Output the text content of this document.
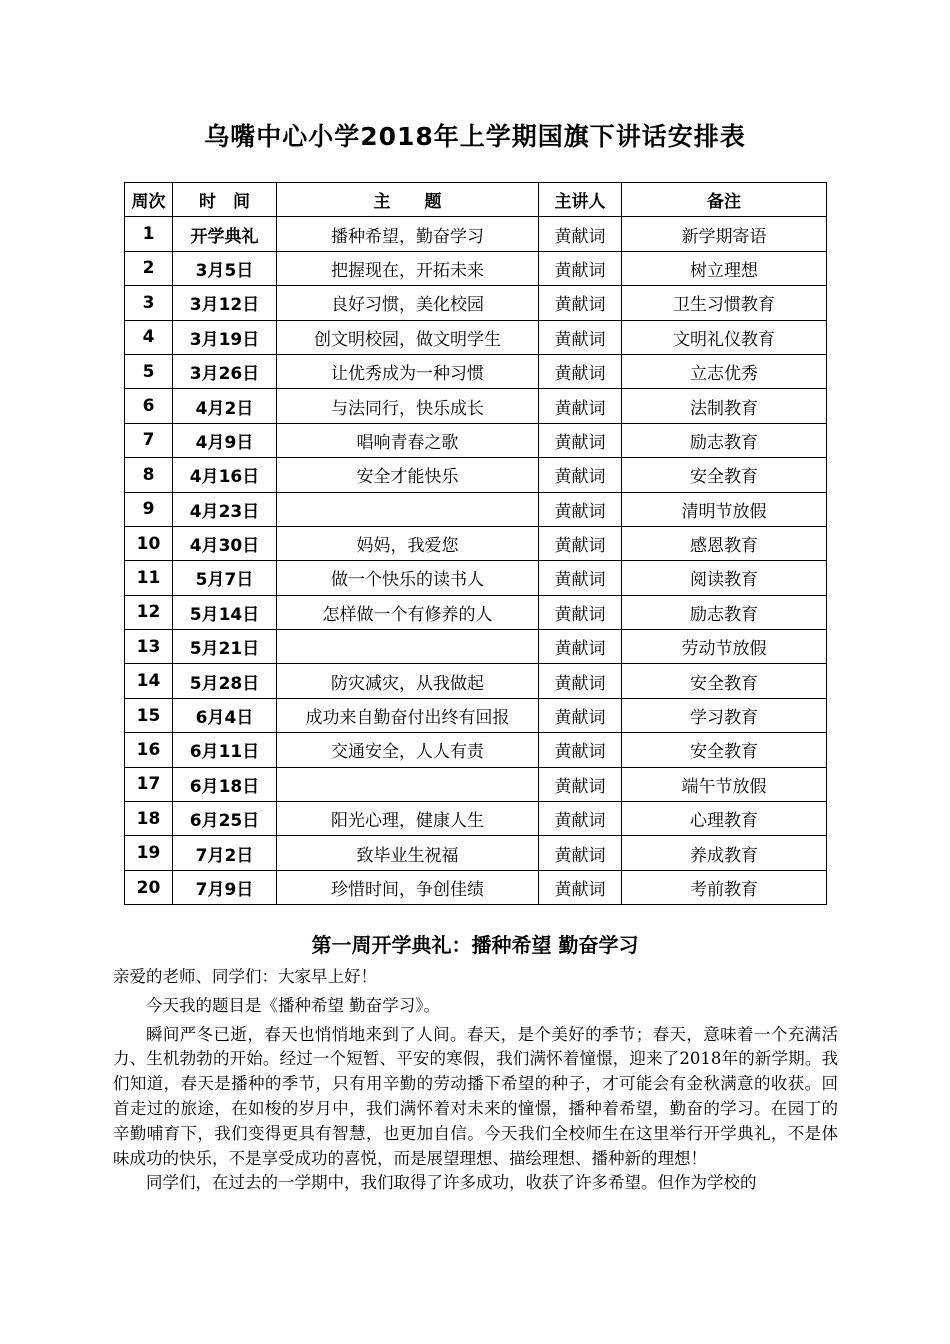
乌嘴中心小学2018年上学期国旗下讲话安排表
周次	时　间	主　　题	主讲人	备注
1	开学典礼	播种希望，勤奋学习	黄献词	新学期寄语
2	3月5日	把握现在，开拓未来	黄献词	树立理想
3	3月12日	良好习惯，美化校园	黄献词	卫生习惯教育
4	3月19日	创文明校园，做文明学生	黄献词	文明礼仪教育
5	3月26日	让优秀成为一种习惯	黄献词	立志优秀
6	4月2日	与法同行，快乐成长	黄献词	法制教育
7	4月9日	唱响青春之歌	黄献词	励志教育
8	4月16日	安全才能快乐	黄献词	安全教育
9	4月23日		黄献词	清明节放假
10	4月30日	妈妈，我爱您	黄献词	感恩教育
11	5月7日	做一个快乐的读书人	黄献词	阅读教育
12	5月14日	怎样做一个有修养的人	黄献词	励志教育
13	5月21日		黄献词	劳动节放假
14	5月28日	防灾减灾，从我做起	黄献词	安全教育
15	6月4日	成功来自勤奋付出终有回报	黄献词	学习教育
16	6月11日	交通安全，人人有责	黄献词	安全教育
17	6月18日		黄献词	端午节放假
18	6月25日	阳光心理，健康人生	黄献词	心理教育
19	7月2日	致毕业生祝福	黄献词	养成教育
20	7月9日	珍惜时间，争创佳绩	黄献词	考前教育
第一周开学典礼：播种希望 勤奋学习

亲爱的老师、同学们：大家早上好！

今天我的题目是《播种希望 勤奋学习》。

瞬间严冬已逝，春天也悄悄地来到了人间。春天，是个美好的季节；春天，意味着一个充满活力、生机勃勃的开始。经过一个短暂、平安的寒假，我们满怀着憧憬，迎来了2018年的新学期。我们知道，春天是播种的季节，只有用辛勤的劳动播下希望的种子，才可能会有金秋满意的收获。回首走过的旅途，在如梭的岁月中，我们满怀着对未来的憧憬，播种着希望，勤奋的学习。在园丁的辛勤哺育下，我们变得更具有智慧，也更加自信。今天我们全校师生在这里举行开学典礼，不是体味成功的快乐，不是享受成功的喜悦，而是展望理想、描绘理想、播种新的理想！

同学们，在过去的一学期中，我们取得了许多成功，收获了许多希望。但作为学校的
